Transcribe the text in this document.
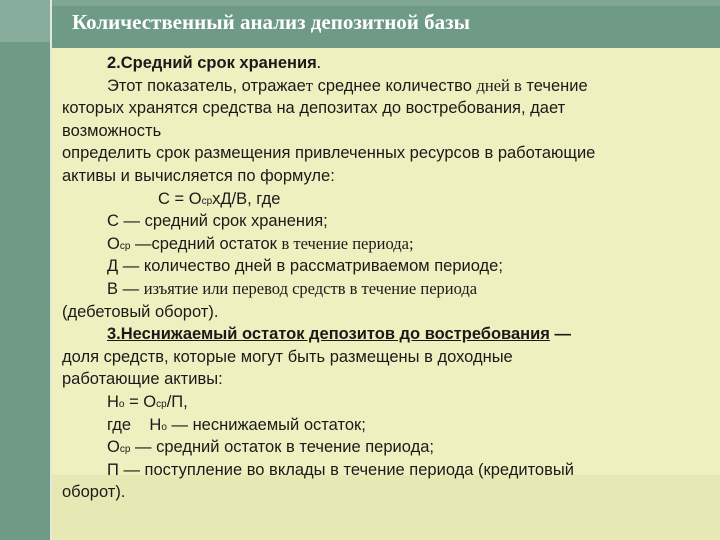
Количественный анализ депозитной базы
2.Средний срок хранения.
Этот показатель, отражает среднее количество дней в течение
которых хранятся средства на депозитах до востребования, дает
возможность
определить срок размещения привлеченных ресурсов в работающие
активы и вычисляется по формуле:
С = ОсрхД/В, где
С — средний срок хранения;
Оср —средний остаток в течение периода;
Д — количество дней в рассматриваемом периоде;
В — изъятие или перевод средств в течение периода
(дебетовый оборот).
3.Неснижаемый остаток депозитов до востребования —
доля средств, которые могут быть размещены в доходные
работающие активы:
Но = Оср/П,
где    Но — неснижаемый остаток;
Оср — средний остаток в течение периода;
П — поступление во вклады в течение периода (кредитовый
оборот).
